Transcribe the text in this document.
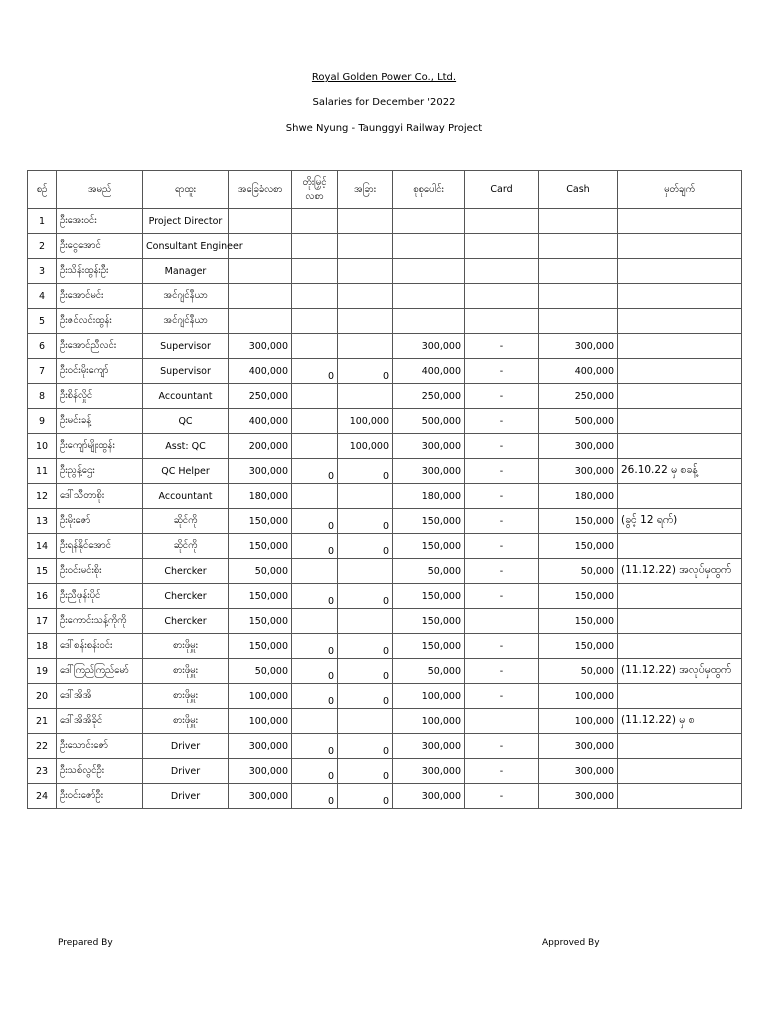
Royal Golden Power Co., Ltd.
Salaries for December '2022
Shwe Nyung - Taunggyi Railway Project
စဉ်	အမည်	ရာထူး	အခြေခံလစာ	တိုးမြှင့်လစာ	အခြား	စုစုပေါင်း	Card	Cash	မှတ်ချက်
1	ဦးအေးဝင်း	Project Director							
2	ဦးငွေအောင်	Consultant Engineer							
3	ဦးသိန်းထွန်းဦး	Manager							
4	ဦးအောင်မင်း	အင်ဂျင်နီယာ							
5	ဦးဇင်လင်းထွန်း	အင်ဂျင်နီယာ							
6	ဦးအောင်ညီလင်း	Supervisor	300,000			300,000	-	300,000	
7	ဦးဝင်းမိုးကျော်	Supervisor	400,000	0	0	400,000	-	400,000	
8	ဦးစိန်လှိုင်	Accountant	250,000			250,000	-	250,000	
9	ဦးမင်းခန့်	QC	400,000		100,000	500,000	-	500,000	
10	ဦးကျော်မျိုးထွန်း	Asst: QC	200,000		100,000	300,000	-	300,000	
11	ဦးညွန့်ဌေး	QC Helper	300,000	0	0	300,000	-	300,000	26.10.22 မှ စခန့်
12	ဒေါ်သီတာစိုး	Accountant	180,000			180,000	-	180,000	
13	ဦးမိုးဇော်	ဆိုင်ကို	150,000	0	0	150,000	-	150,000	(ခွင့် 12 ရက်)
14	ဦးရန်နိုင်အောင်	ဆိုင်ကို	150,000	0	0	150,000	-	150,000	
15	ဦးဝင်းမင်းစိုး	Chercker	50,000			50,000	-	50,000	(11.12.22) အလုပ်မှထွက်
16	ဦးညီဖုန်းပိုင်	Chercker	150,000	0	0	150,000	-	150,000	
17	ဦးကောင်းသန့်ကိုကို	Chercker	150,000			150,000		150,000	
18	ဒေါ်စန်းစန်းဝင်း	စားဖိုမှူး	150,000	0	0	150,000	-	150,000	
19	ဒေါ်ကြည်ကြည်မော်	စားဖိုမှူး	50,000	0	0	50,000	-	50,000	(11.12.22) အလုပ်မှထွက်
20	ဒေါ်အိအိ	စားဖိုမှူး	100,000	0	0	100,000	-	100,000	
21	ဒေါ်အိအိခိုင်	စားဖိုမှူး	100,000			100,000		100,000	(11.12.22) မှ စ
22	ဦးသောင်းဇော်	Driver	300,000	0	0	300,000	-	300,000	
23	ဦးသစ်လွင်ဦး	Driver	300,000	0	0	300,000	-	300,000	
24	ဦးဝင်းဇော်ဦး	Driver	300,000	0	0	300,000	-	300,000	
Prepared By	Approved By
